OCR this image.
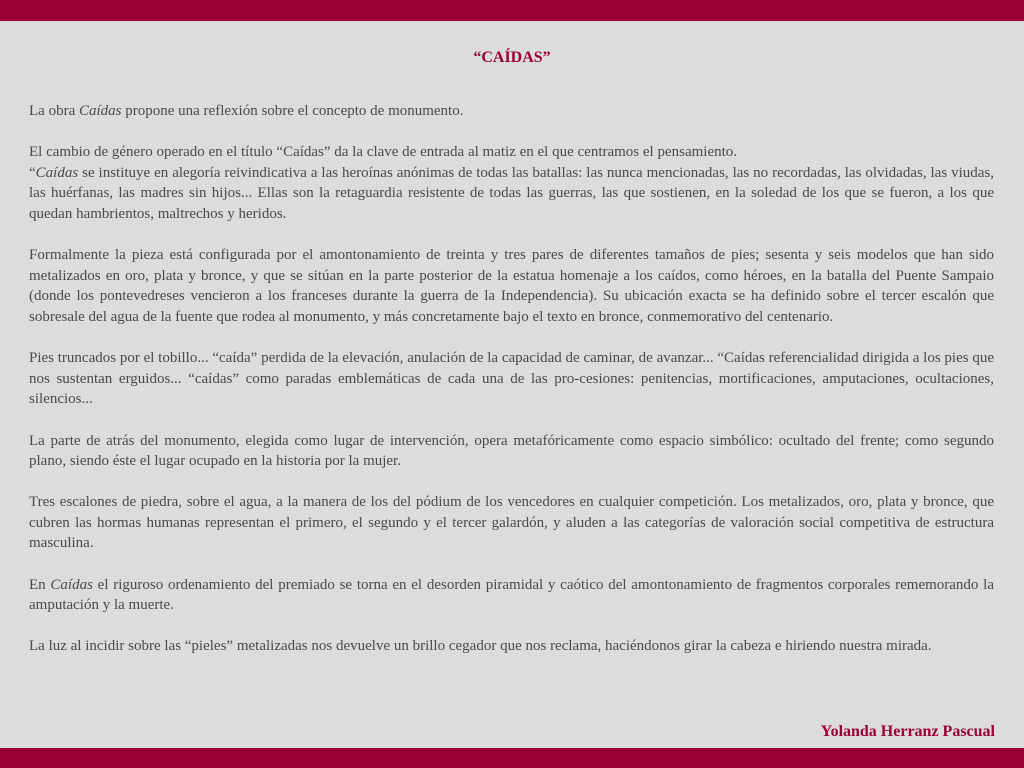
“CAÍDAS”

La obra Caídas propone una reflexión sobre el concepto de monumento.

El cambio de género operado en el título “Caídas” da la clave de entrada al matiz en el que centramos el pensamiento.

“Caídas se instituye en alegoría reivindicativa a las heroínas anónimas de todas las batallas: las nunca mencionadas, las no recordadas, las olvidadas, las viudas, las huérfanas, las madres sin hijos... Ellas son la retaguardia resistente de todas las guerras, las que sostienen, en la soledad de los que se fueron, a los que quedan hambrientos, maltrechos y heridos.

Formalmente la pieza está configurada por el amontonamiento de treinta y tres pares de diferentes tamaños de pies; sesenta y seis modelos que han sido metalizados en oro, plata y bronce, y que se sitúan en la parte posterior de la estatua homenaje a los caídos, como héroes, en la batalla del Puente Sampaio (donde los pontevedreses vencieron a los franceses durante la guerra de la Independencia). Su ubicación exacta se ha definido sobre el tercer escalón que sobresale del agua de la fuente que rodea al monumento, y más concretamente bajo el texto en bronce, conmemorativo del centenario.

Pies truncados por el tobillo... “caída” perdida de la elevación, anulación de la capacidad de caminar, de avanzar... “Caídas referencialidad dirigida a los pies que nos sustentan erguidos... “caídas” como paradas emblemáticas de cada una de las pro-cesiones: penitencias, mortificaciones, amputaciones, ocultaciones, silencios...

La parte de atrás del monumento, elegida como lugar de intervención, opera metafóricamente como espacio simbólico: ocultado del frente; como segundo plano, siendo éste el lugar ocupado en la historia por la mujer.

Tres escalones de piedra, sobre el agua, a la manera de los del pódium de los vencedores en cualquier competición. Los metalizados, oro, plata y bronce, que cubren las hormas humanas representan el primero, el segundo y el tercer galardón, y aluden a las categorías de valoración social competitiva de estructura masculina.

En Caídas el riguroso ordenamiento del premiado se torna en el desorden piramidal y caótico del amontonamiento de fragmentos corporales rememorando la amputación y la muerte.

La luz al incidir sobre las “pieles” metalizadas nos devuelve un brillo cegador que nos reclama, haciéndonos girar la cabeza e hiriendo nuestra mirada.

Yolanda Herranz Pascual
